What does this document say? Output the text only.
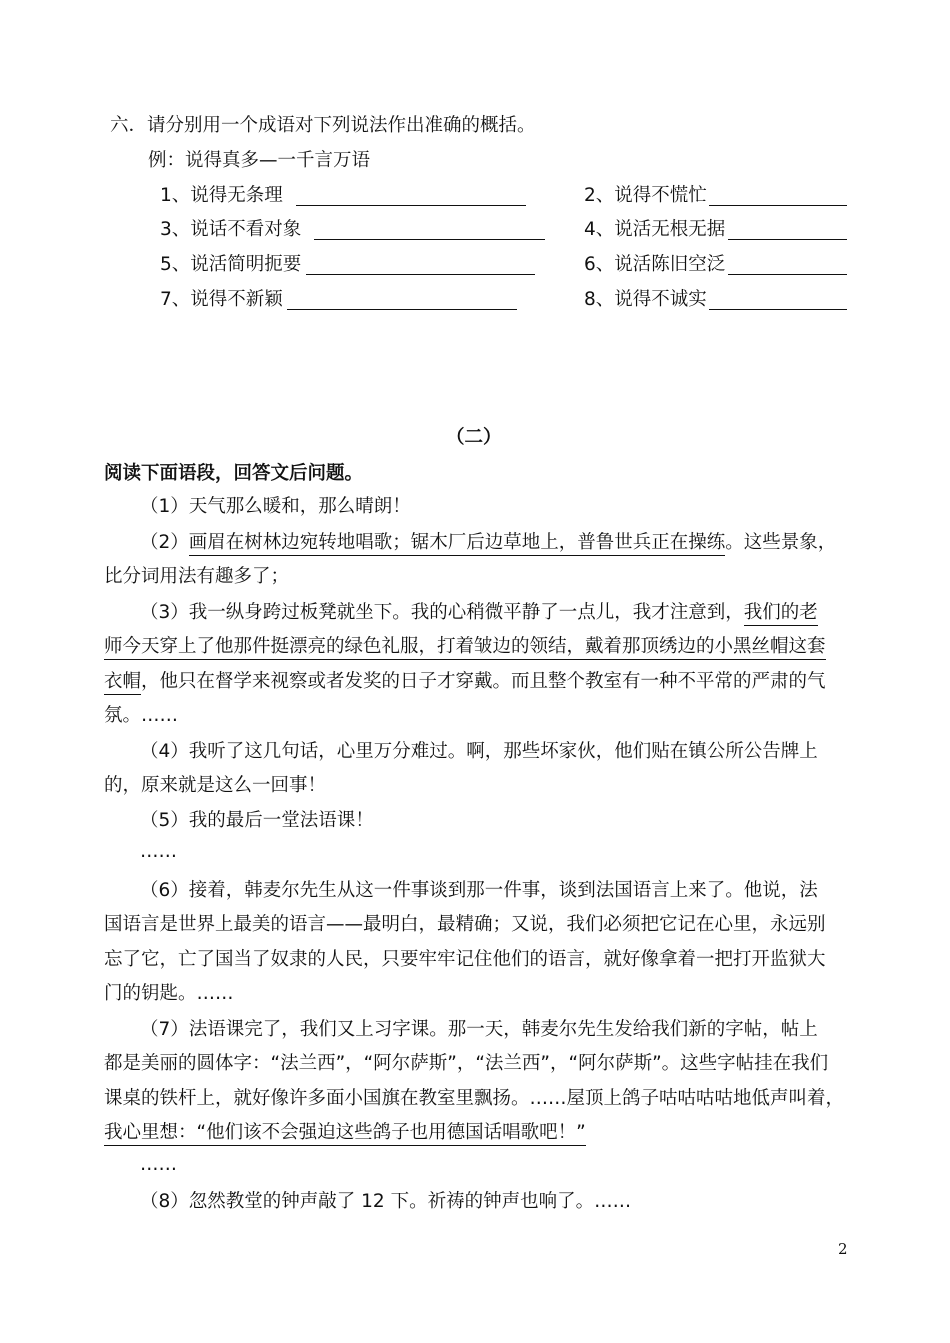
六．请分别用一个成语对下列说法作出准确的概括。
例：说得真多—一千言万语
1、说得无条理	2、说得不慌忙
3、说话不看对象	4、说活无根无据
5、说活简明扼要	6、说活陈旧空泛
7、说得不新颖	8、说得不诚实
（二）
阅读下面语段，回答文后问题。
（1）天气那么暖和，那么晴朗！
（2）画眉在树林边宛转地唱歌；锯木厂后边草地上，普鲁世兵正在操练。这些景象，
比分词用法有趣多了；
（3）我一纵身跨过板凳就坐下。我的心稍微平静了一点儿，我才注意到，我们的老
师今天穿上了他那件挺漂亮的绿色礼服，打着皱边的领结，戴着那顶绣边的小黑丝帽这套
衣帽，他只在督学来视察或者发奖的日子才穿戴。而且整个教室有一种不平常的严肃的气
氛。……
（4）我听了这几句话，心里万分难过。啊，那些坏家伙，他们贴在镇公所公告牌上
的，原来就是这么一回事！
（5）我的最后一堂法语课！
……
（6）接着，韩麦尔先生从这一件事谈到那一件事，谈到法国语言上来了。他说，法
国语言是世界上最美的语言——最明白，最精确；又说，我们必须把它记在心里，永远别
忘了它，亡了国当了奴隶的人民，只要牢牢记住他们的语言，就好像拿着一把打开监狱大
门的钥匙。……
（7）法语课完了，我们又上习字课。那一天，韩麦尔先生发给我们新的字帖，帖上
都是美丽的圆体字：“法兰西”，“阿尔萨斯”，“法兰西”，“阿尔萨斯”。这些字帖挂在我们
课桌的铁杆上，就好像许多面小国旗在教室里飘扬。……屋顶上鸽子咕咕咕咕地低声叫着，
我心里想：“他们该不会强迫这些鸽子也用德国话唱歌吧！”
……
（8）忽然教堂的钟声敲了 12 下。祈祷的钟声也响了。……
2
